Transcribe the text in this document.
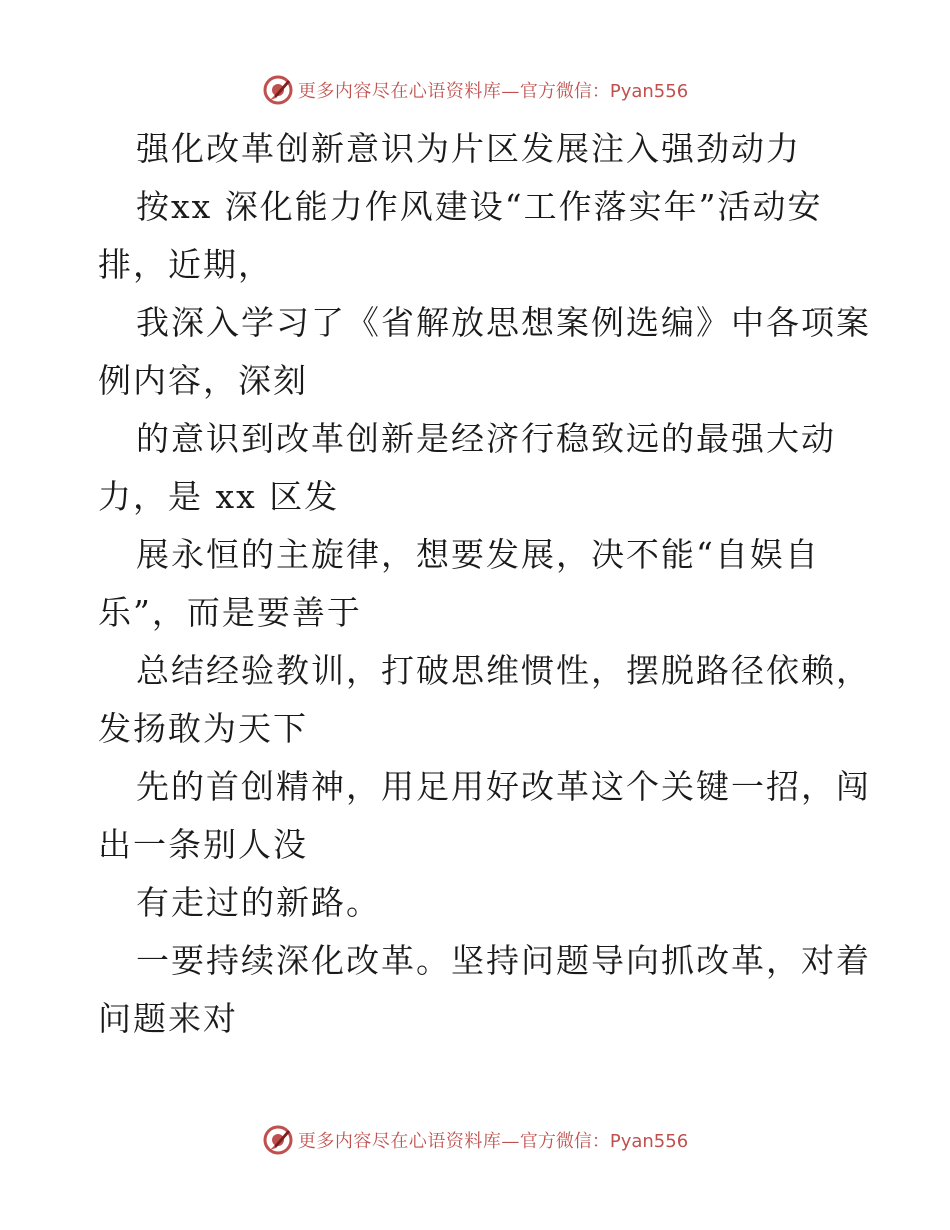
更多内容尽在心语资料库— 官方微信：Pyan556
强化改革创新意识为片区发展注入强劲动力
按xx 深化能力作风建设“工作落实年”活动安
排，近期，
我深入学习了《省解放思想案例选编》中各项案
例内容，深刻
的意识到改革创新是经济行稳致远的最强大动
力，是 xx 区发
展永恒的主旋律，想要发展，决不能“自娱自
乐”，而是要善于
总结经验教训，打破思维惯性，摆脱路径依赖，
发扬敢为天下
先的首创精神，用足用好改革这个关键一招，闯
出一条别人没
有走过的新路。
一要持续深化改革。坚持问题导向抓改革，对着
问题来对
更多内容尽在心语资料库— 官方微信：Pyan556
